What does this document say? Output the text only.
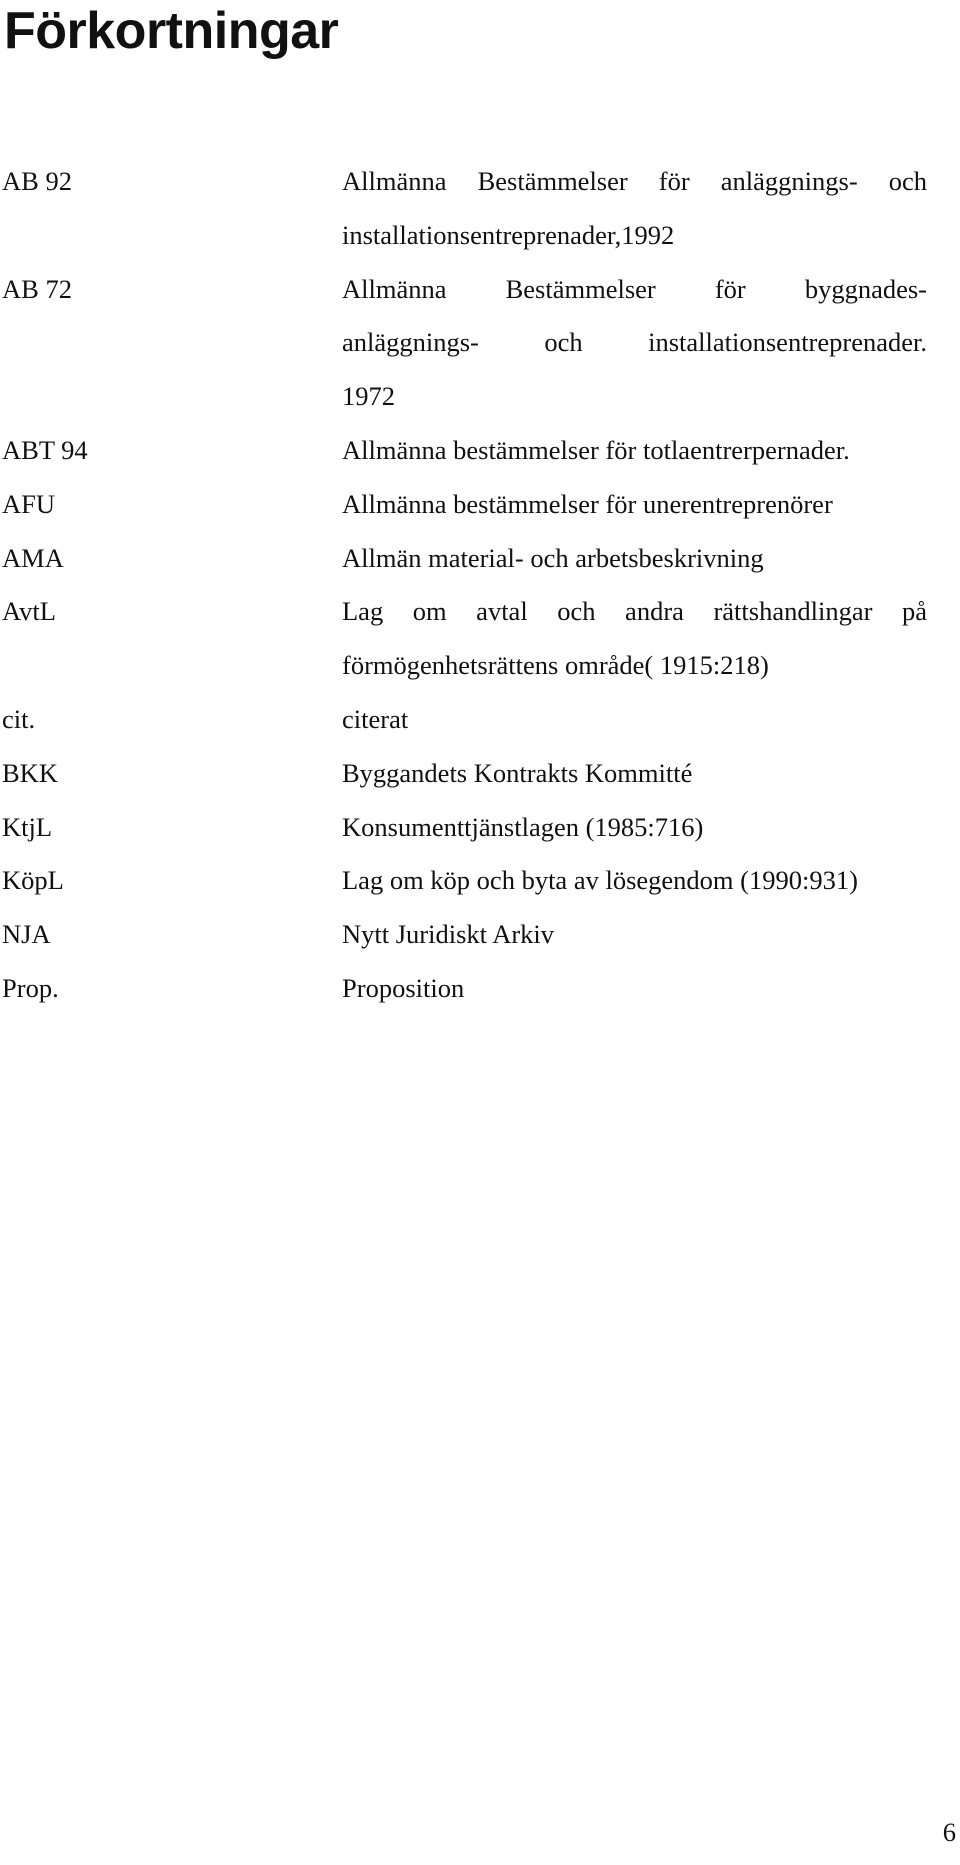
Förkortningar
AB 92	Allmänna Bestämmelser för anläggnings- och
installationsentreprenader,1992
AB 72	Allmänna Bestämmelser för byggnades-
anläggnings- och installationsentreprenader.
1972
ABT 94	Allmänna bestämmelser för totlaentrerpernader.
AFU	Allmänna bestämmelser för unerentreprenörer
AMA	Allmän material- och arbetsbeskrivning
AvtL	Lag om avtal och andra rättshandlingar på
förmögenhetsrättens område( 1915:218)
cit.	citerat
BKK	Byggandets Kontrakts Kommitté
KtjL	Konsumenttjänstlagen (1985:716)
KöpL	Lag om köp och byta av lösegendom (1990:931)
NJA	Nytt Juridiskt Arkiv
Prop.	Proposition
6
